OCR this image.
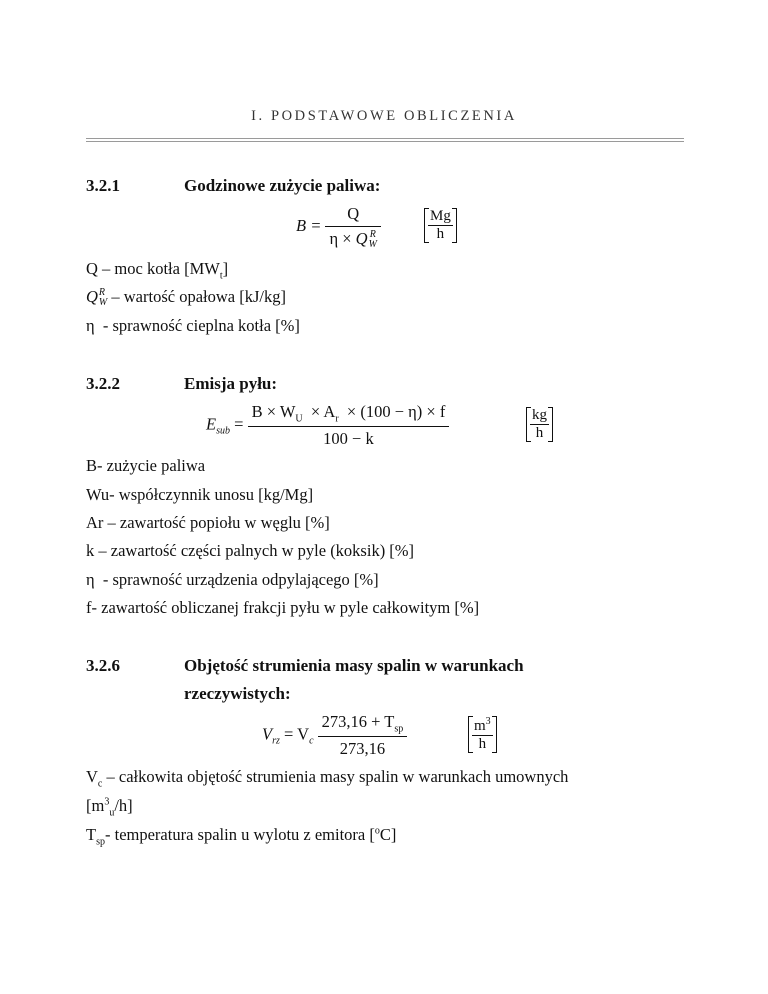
I. PODSTAWOWE OBLICZENIA
3.2.1	Godzinowe zużycie paliwa:
B = Q
η × Q R
W	$\frac{Mg}{h}$
Q – moc kotła $[MW_t]$
Q R
W – wartość opałowa [kJ/kg]
η  - sprawność cieplna kotła [%]
3.2.2	Emisja pyłu:
$E_{sub} = \frac{B \times W_U \times A_r \times (100 - \eta) \times f}{100 - k}$	$\frac{kg}{h}$
B- zużycie paliwa
Wu- współczynnik unosu [kg/Mg]
Ar – zawartość popiołu w węglu [%]
k – zawartość części palnych w pyle (koksik) [%]
η  - sprawność urządzenia odpylającego [%]
f- zawartość obliczanej frakcji pyłu w pyle całkowitym [%]
3.2.6	Objętość strumienia masy spalin w warunkach
rzeczywistych:
$V_{rz} = V_c \frac{273,16 + T_{sp}}{273,16}$	$\frac{m^3}{h}$
$V_c$ – całkowita objętość strumienia masy spalin w warunkach umownych
$[m^3_u/h]$
$T_{sp}-$ temperatura spalin u wylotu z emitora [$^o$C]
